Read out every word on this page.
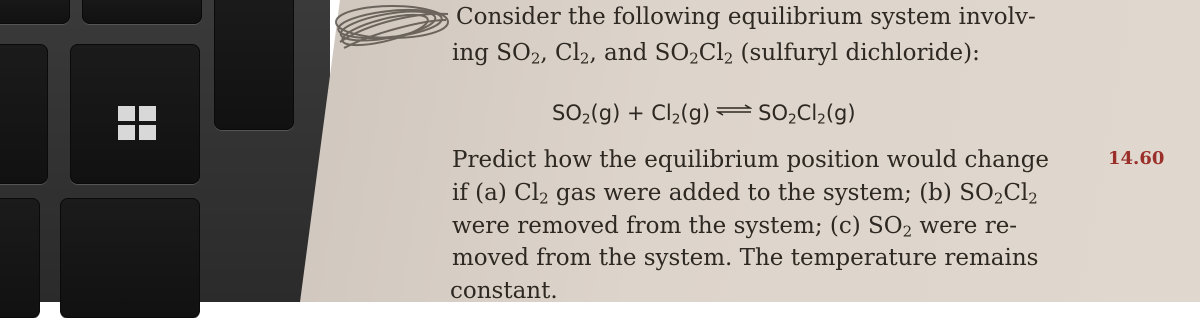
Consider the following equilibrium system involv-
ing $SO_2$, $Cl_2$, and $SO_2Cl_2$ (sulfuryl dichloride):
$SO_2(g) + Cl_2(g)$ ⇌ $SO_2Cl_2(g)$
Predict how the equilibrium position would change
if (a) $Cl_2$ gas were added to the system; (b) $SO_2Cl_2$
were removed from the system; (c) $SO_2$ were re-
moved from the system. The temperature remains
constant.
14.60
